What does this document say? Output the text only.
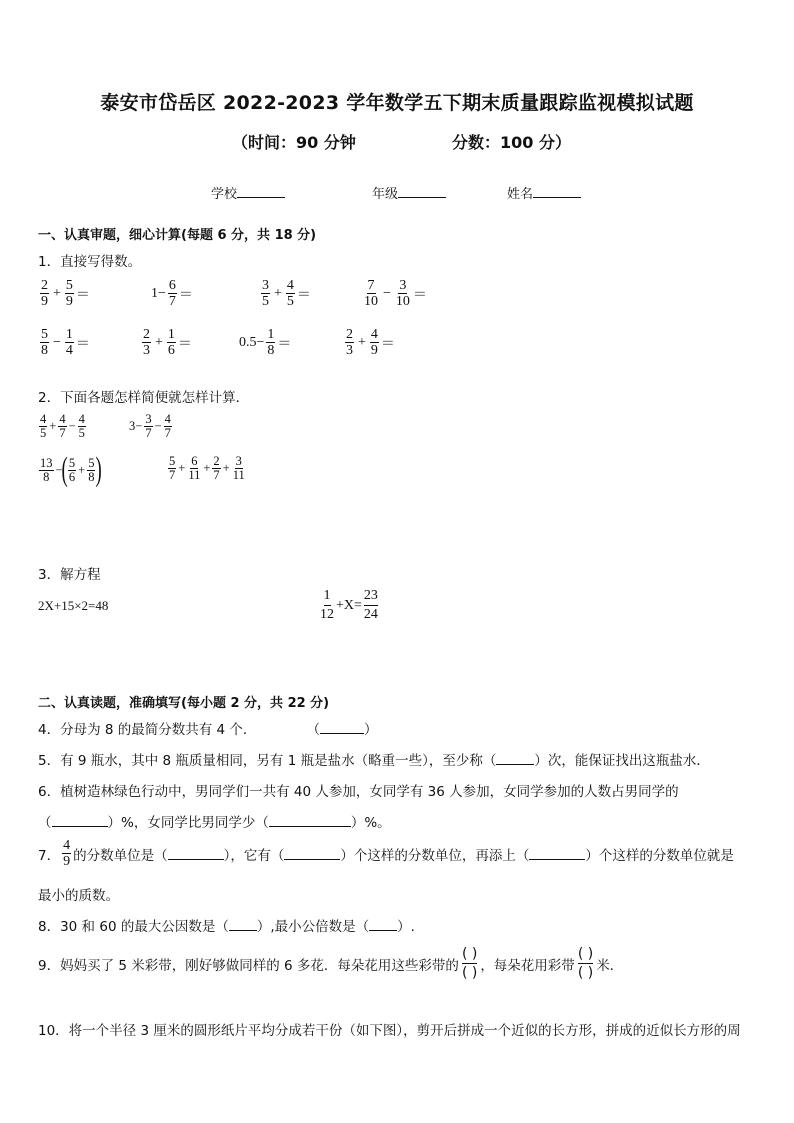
泰安市岱岳区 2022-2023 学年数学五下期末质量跟踪监视模拟试题
（时间：90 分钟	分数：100 分）
学校	年级	姓名
一、认真审题，细心计算(每题 6 分，共 18 分)
1．直接写得数。
$\frac{2}{9} + \frac{5}{9}$ ＝	$1- \frac{6}{7}$ ＝	$\frac{3}{5} + \frac{4}{5}$ ＝	$\frac{7}{10} - \frac{3}{10}$ ＝
$\frac{5}{8} - \frac{1}{4}$ ＝	$\frac{2}{3} + \frac{1}{6}$ ＝	$0.5- \frac{1}{8}$ ＝	$\frac{2}{3} + \frac{4}{9}$ ＝
2．下面各题怎样简便就怎样计算．
$\frac{4}{5} + \frac{4}{7} - \frac{4}{5}$	$3- \frac{3}{7} - \frac{4}{7}$
$\frac{13}{8}$ −
( $\frac{5}{6} + \frac{5}{8}$ )	$\frac{5}{7} + \frac{6}{11} + \frac{2}{7} + \frac{3}{11}$
3．解方程
2X+15×2=48
1
12
$+X= \frac{23}{24}$
二、认真读题，准确填写(每小题 2 分，共 22 分)
4．分母为 8 的最简分数共有 4 个．	（	）
5．有 9 瓶水，其中 8 瓶质量相同，另有 1 瓶是盐水（略重一些），至少称（	）次，能保证找出这瓶盐水．
6．植树造林绿色行动中，男同学们一共有 40 人参加，女同学有 36 人参加，女同学参加的人数占男同学的
（	）%，女同学比男同学少（	）%。
7． $\frac{4}{9}$ 的分数单位是（	），它有（	）个这样的分数单位，再添上（	）个这样的分数单位就是
最小的质数。
8．30 和 60 的最大公因数是（ ）,最小公倍数是（ ）.
9．妈妈买了 5 米彩带，刚好够做同样的 6 多花．每朵花用这些彩带的
( )
( ) ，每朵花用彩带
( )
( ) 米．
10．将一个半径 3 厘米的圆形纸片平均分成若干份（如下图），剪开后拼成一个近似的长方形，拼成的近似长方形的周
